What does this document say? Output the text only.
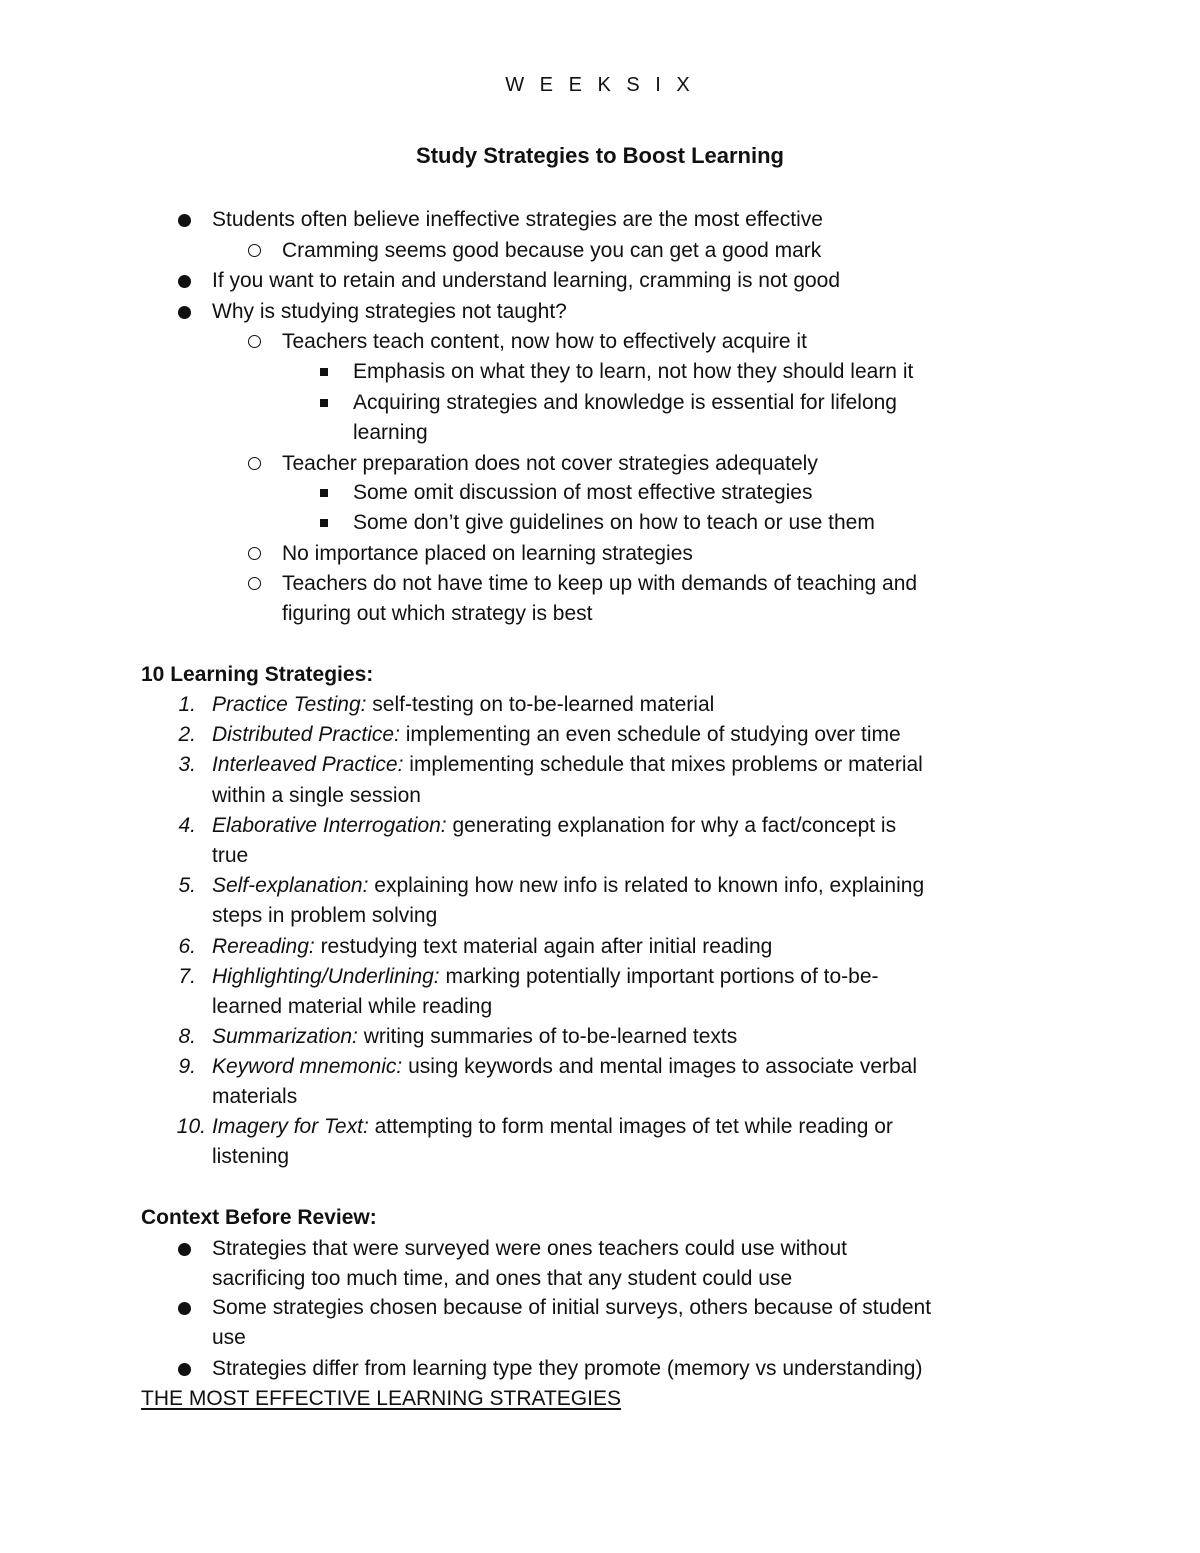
W E E K S I X
Study Strategies to Boost Learning
Students often believe ineffective strategies are the most effective
Cramming seems good because you can get a good mark
If you want to retain and understand learning, cramming is not good
Why is studying strategies not taught?
Teachers teach content, now how to effectively acquire it
Emphasis on what they to learn, not how they should learn it
Acquiring strategies and knowledge is essential for lifelong
learning
Teacher preparation does not cover strategies adequately
Some omit discussion of most effective strategies
Some don’t give guidelines on how to teach or use them
No importance placed on learning strategies
Teachers do not have time to keep up with demands of teaching and
figuring out which strategy is best
10 Learning Strategies:
1. Practice Testing: self-testing on to-be-learned material
2. Distributed Practice: implementing an even schedule of studying over time
3. Interleaved Practice: implementing schedule that mixes problems or material
within a single session
4. Elaborative Interrogation: generating explanation for why a fact/concept is
true
5. Self-explanation: explaining how new info is related to known info, explaining
steps in problem solving
6. Rereading: restudying text material again after initial reading
7. Highlighting/Underlining: marking potentially important portions of to-be-
learned material while reading
8. Summarization: writing summaries of to-be-learned texts
9. Keyword mnemonic: using keywords and mental images to associate verbal
materials
10. Imagery for Text: attempting to form mental images of tet while reading or
listening
Context Before Review:
Strategies that were surveyed were ones teachers could use without
sacrificing too much time, and ones that any student could use
Some strategies chosen because of initial surveys, others because of student
use
Strategies differ from learning type they promote (memory vs understanding)
THE MOST EFFECTIVE LEARNING STRATEGIES
